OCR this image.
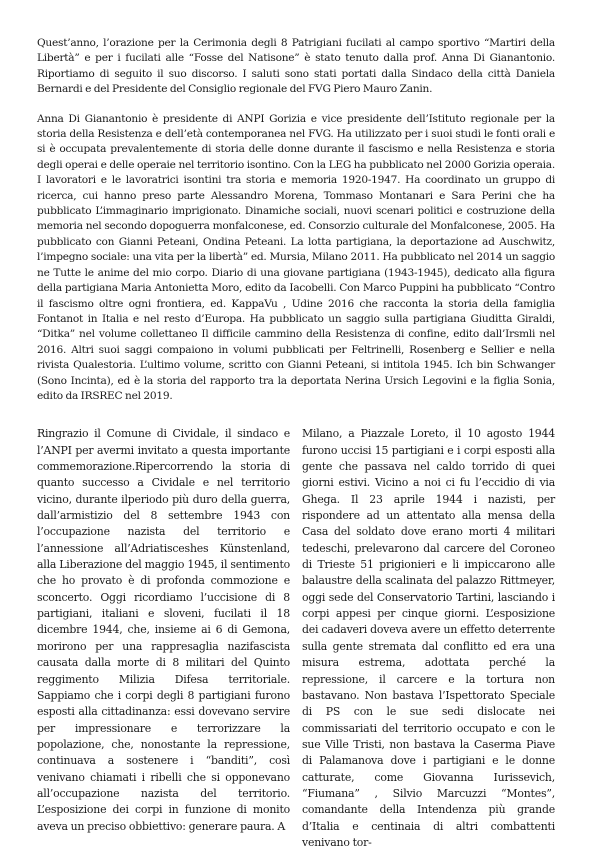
Quest’anno, l’orazione per la Cerimonia degli 8 Patrigiani fucilati al campo sportivo “Martiri della Libertà” e per i fucilati alle “Fosse del Natisone” è stato tenuto dalla prof. Anna Di Gianantonio. Riportiamo di seguito il suo discorso. I saluti sono stati portati dalla Sindaco della città Daniela Bernardi e del Presidente del Consiglio regionale del FVG Piero Mauro Zanin.

Anna Di Gianantonio è presidente di ANPI Gorizia e vice presidente dell’Istituto regionale per la storia della Resistenza e dell’età contemporanea nel FVG. Ha utilizzato per i suoi studi le fonti orali e si è occupata prevalentemente di storia delle donne durante il fascismo e nella Resistenza e storia degli operai e delle operaie nel territorio isontino. Con la LEG ha pubblicato nel 2000 Gorizia operaia. I lavoratori e le lavoratrici isontini tra storia e memoria 1920-1947. Ha coordinato un gruppo di ricerca, cui hanno preso parte Alessandro Morena, Tommaso Montanari e Sara Perini che ha pubblicato L’immaginario imprigionato. Dinamiche sociali, nuovi scenari politici e costruzione della memoria nel secondo dopoguerra monfalconese, ed. Consorzio culturale del Monfalconese, 2005. Ha pubblicato con Gianni Peteani, Ondina Peteani. La lotta partigiana, la deportazione ad Auschwitz, l’impegno sociale: una vita per la libertà” ed. Mursia, Milano 2011. Ha pubblicato nel 2014 un saggio ne Tutte le anime del mio corpo. Diario di una giovane partigiana (1943-1945), dedicato alla figura della partigiana Maria Antonietta Moro, edito da Iacobelli. Con Marco Puppini ha pubblicato “Contro il fascismo oltre ogni frontiera, ed. KappaVu , Udine 2016 che racconta la storia della famiglia Fontanot in Italia e nel resto d’Europa. Ha pubblicato un saggio sulla partigiana Giuditta Giraldi, “Ditka” nel volume collettaneo Il difficile cammino della Resistenza di confine, edito dall’Irsmli nel 2016. Altri suoi saggi compaiono in volumi pubblicati per Feltrinelli, Rosenberg e Sellier e nella rivista Qualestoria. L’ultimo volume, scritto con Gianni Peteani, si intitola 1945. Ich bin Schwanger (Sono Incinta), ed è la storia del rapporto tra la deportata Nerina Ursich Legovini e la figlia Sonia, edito da IRSREC nel 2019.

Ringrazio il Comune di Cividale, il sindaco e l’ANPI per avermi invitato a questa importante commemorazione.Ripercorrendo la storia di quanto successo a Cividale e nel territorio vicino, durante ilperiodo più duro della guerra, dall’armistizio del 8 settembre 1943 con l’occupazione nazista del territorio e l’annessione all’Adriatisceshes Künstenland, alla Liberazione del maggio 1945, il sentimento che ho provato è di profonda commozione e sconcerto. Oggi ricordiamo l’uccisione di 8 partigiani, italiani e sloveni, fucilati il 18 dicembre 1944, che, insieme ai 6 di Gemona, morirono per una rappresaglia nazifascista causata dalla morte di 8 militari del Quinto reggimento Milizia Difesa territoriale. Sappiamo che i corpi degli 8 partigiani furono esposti alla cittadinanza: essi dovevano servire per impressionare e terrorizzare la popolazione, che, nonostante la repressione, continuava a sostenere i “banditi”, così venivano chiamati i ribelli che si opponevano all’occupazione nazista del territorio. L’esposizione dei corpi in funzione di monito aveva un preciso obbiettivo: generare paura. A

Milano, a Piazzale Loreto, il 10 agosto 1944 furono uccisi 15 partigiani e i corpi esposti alla gente che passava nel caldo torrido di quei giorni estivi. Vicino a noi ci fu l’eccidio di via Ghega. Il 23 aprile 1944 i nazisti, per rispondere ad un attentato alla mensa della Casa del soldato dove erano morti 4 militari tedeschi, prelevarono dal carcere del Coroneo di Trieste 51 prigionieri e li impiccarono alle balaustre della scalinata del palazzo Rittmeyer, oggi sede del Conservatorio Tartini, lasciando i corpi appesi per cinque giorni. L’esposizione dei cadaveri doveva avere un effetto deterrente sulla gente stremata dal conflitto ed era una misura estrema, adottata perché la repressione, il carcere e la tortura non bastavano. Non bastava l’Ispettorato Speciale di PS con le sue sedi dislocate nei commissariati del territorio occupato e con le sue Ville Tristi, non bastava la Caserma Piave di Palamanova dove i partigiani e le donne catturate, come Giovanna Iurissevich, “Fiumana” , Silvio Marcuzzi “Montes”, comandante della Intendenza più grande d’Italia e centinaia di altri combattenti venivano tor-
